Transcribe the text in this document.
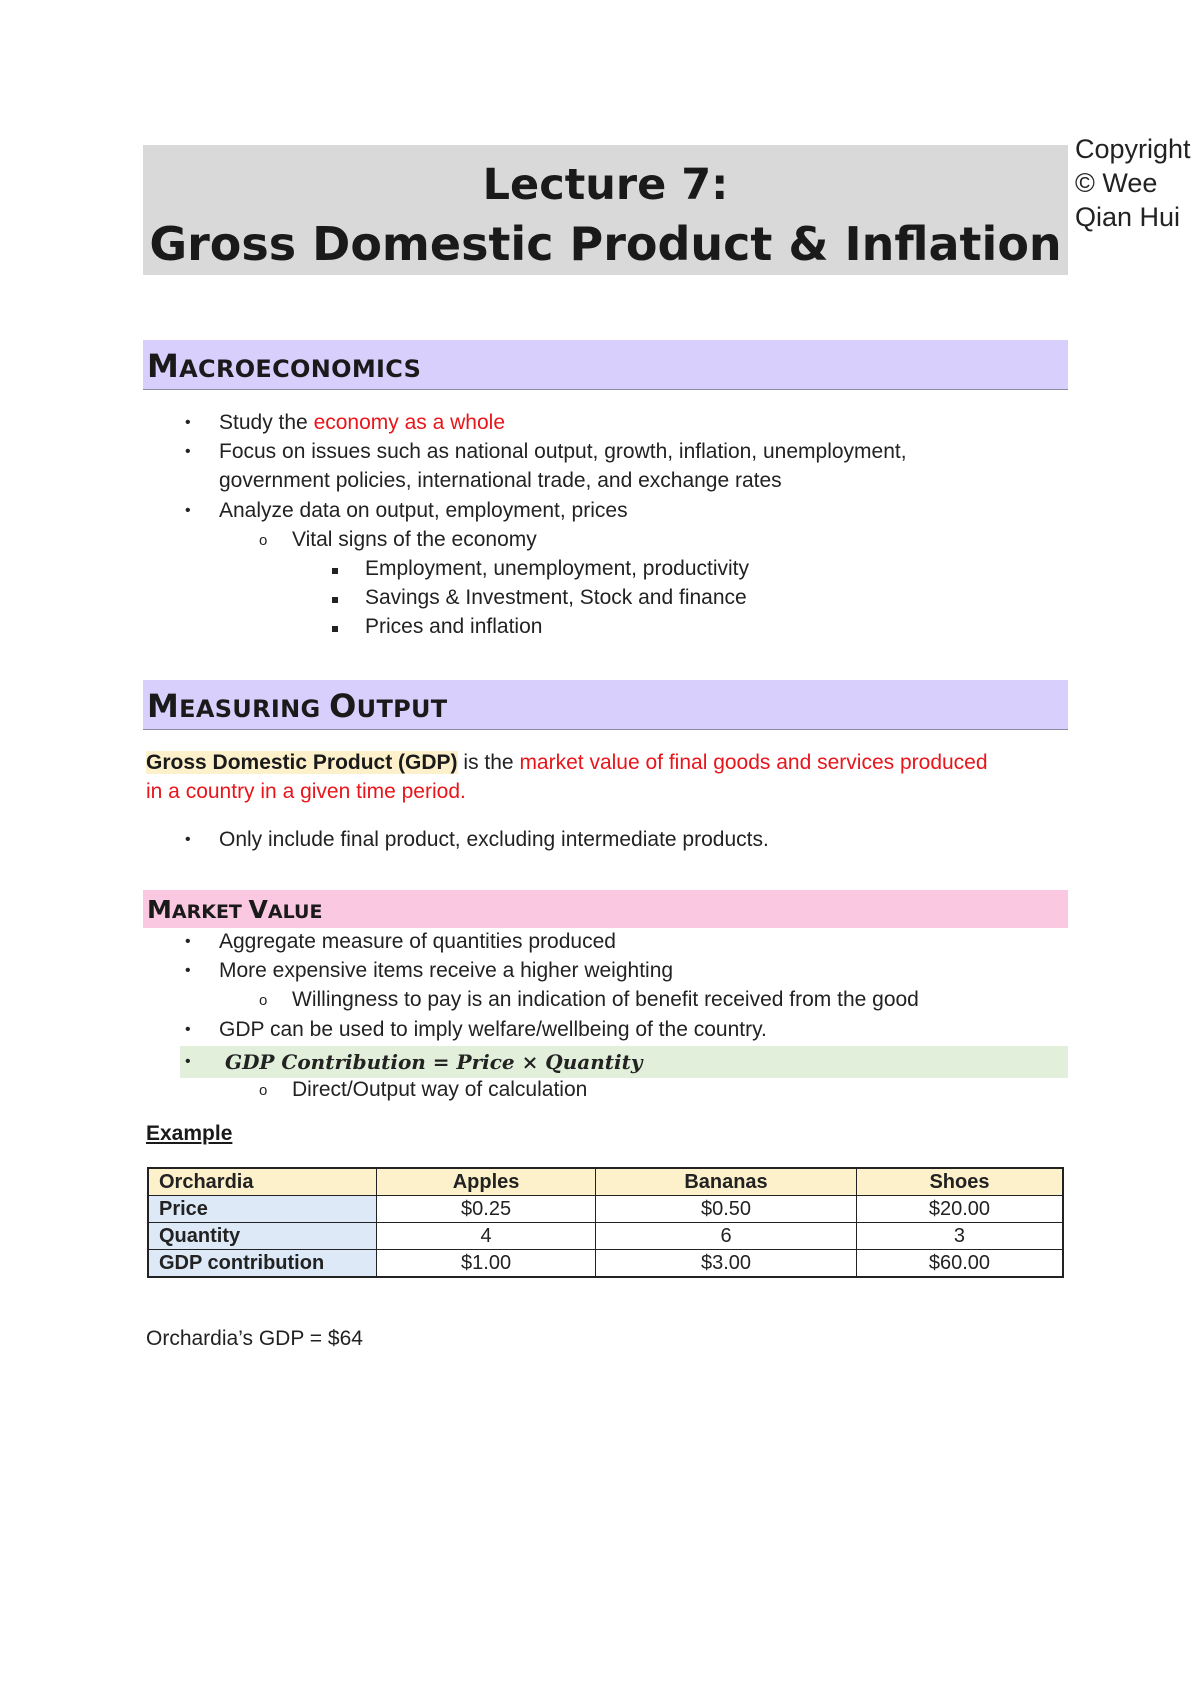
Copyright
© Wee
Qian Hui
Lecture 7:
Gross Domestic Product & Inflation
MACROECONOMICS
• Study the economy as a whole
• Focus on issues such as national output, growth, inflation, unemployment,
government policies, international trade, and exchange rates
• Analyze data on output, employment, prices
o Vital signs of the economy
Employment, unemployment, productivity
Savings & Investment, Stock and finance
Prices and inflation
MEASURING OUTPUT
Gross Domestic Product (GDP) is the market value of final goods and services produced
in a country in a given time period.
• Only include final product, excluding intermediate products.
MARKET VALUE
• Aggregate measure of quantities produced
• More expensive items receive a higher weighting
o Willingness to pay is an indication of benefit received from the good
• GDP can be used to imply welfare/wellbeing of the country.
• GDP Contribution = Price × Quantity
o Direct/Output way of calculation
Example
Orchardia	Apples	Bananas	Shoes
Price	$0.25	$0.50	$20.00
Quantity	4	6	3
GDP contribution	$1.00	$3.00	$60.00
Orchardia’s GDP = $64
